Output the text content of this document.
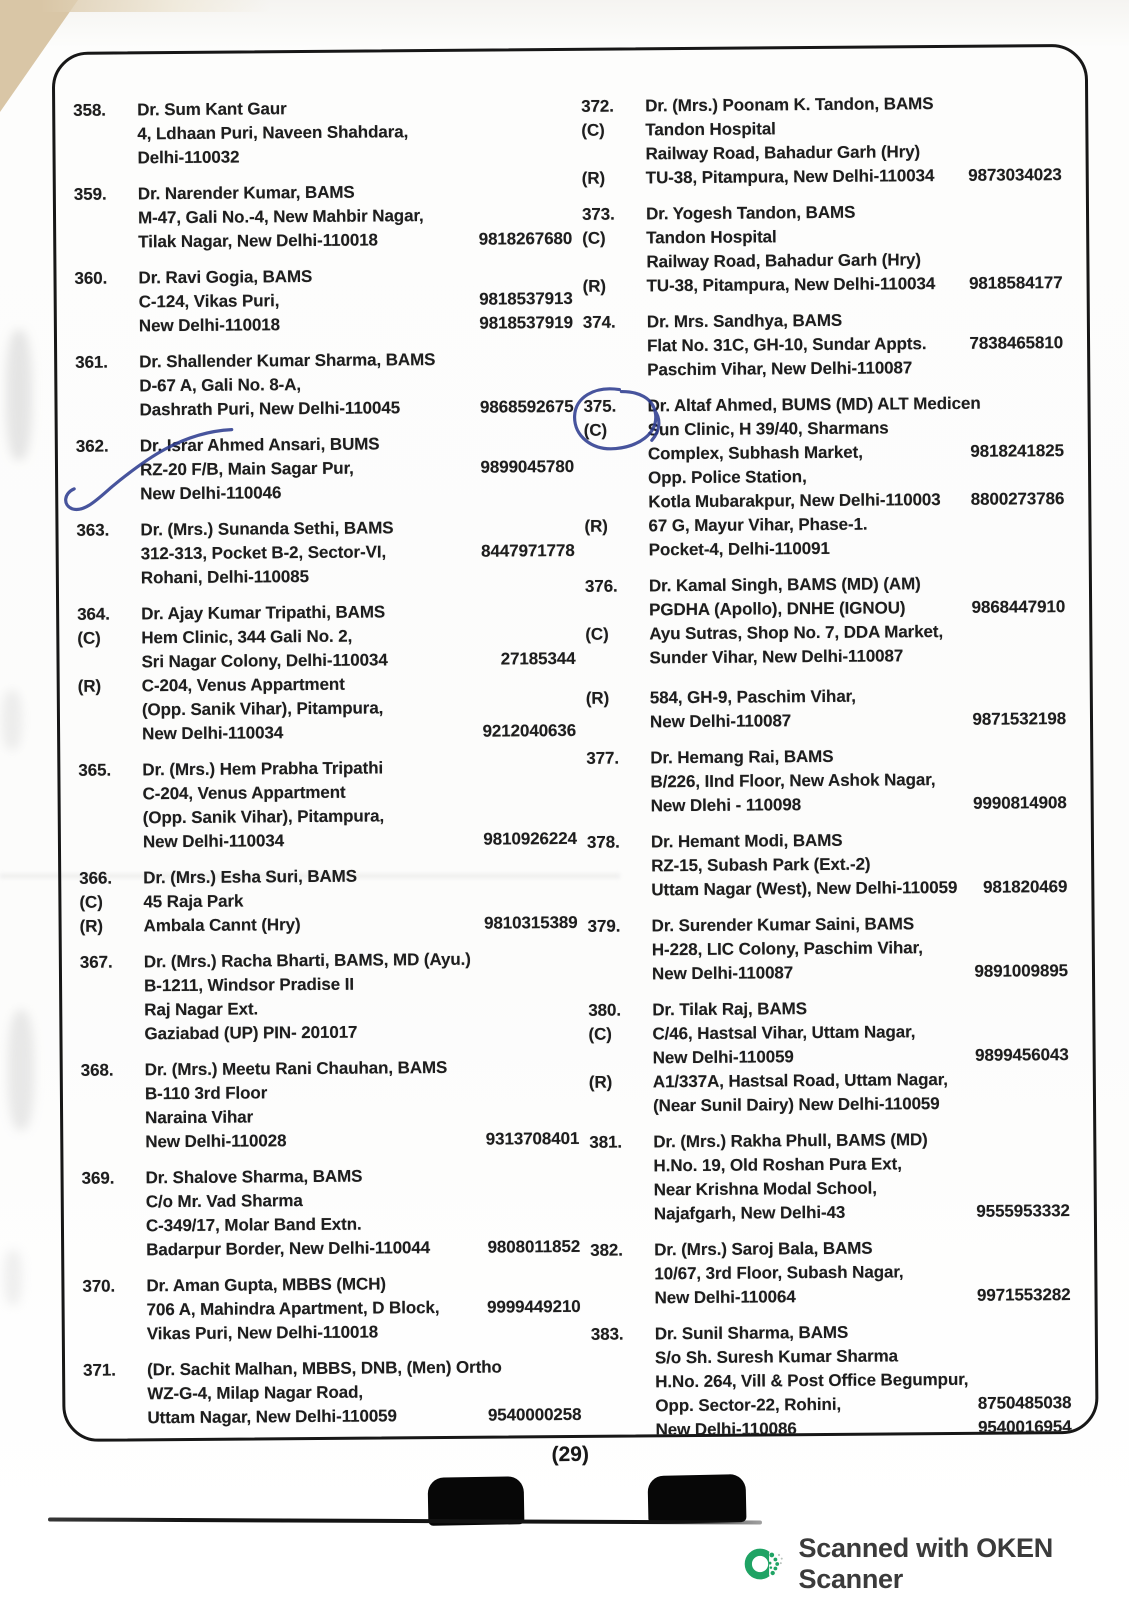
358.	Dr. Sum Kant Gaur
4, Ldhaan Puri, Naveen Shahdara,
Delhi-110032
359.	Dr. Narender Kumar, BAMS
M-47, Gali No.-4, New Mahbir Nagar,
Tilak Nagar, New Delhi-110018	9818267680
360.	Dr. Ravi Gogia, BAMS
C-124, Vikas Puri,	9818537913
New Delhi-110018	9818537919
361.	Dr. Shallender Kumar Sharma, BAMS
D-67 A, Gali No. 8-A,
Dashrath Puri, New Delhi-110045	9868592675
362.	Dr. Israr Ahmed Ansari, BUMS
RZ-20 F/B, Main Sagar Pur,	9899045780
New Delhi-110046
363.	Dr. (Mrs.) Sunanda Sethi, BAMS
312-313, Pocket B-2, Sector-VI,	8447971778
Rohani, Delhi-110085
364.	Dr. Ajay Kumar Tripathi, BAMS
(C)	Hem Clinic, 344 Gali No. 2,
Sri Nagar Colony, Delhi-110034	27185344
(R)	C-204, Venus Appartment
(Opp. Sanik Vihar), Pitampura,
New Delhi-110034	9212040636
365.	Dr. (Mrs.) Hem Prabha Tripathi
C-204, Venus Appartment
(Opp. Sanik Vihar), Pitampura,
New Delhi-110034	9810926224
366.	Dr. (Mrs.) Esha Suri, BAMS
(C)	45 Raja Park
(R)	Ambala Cannt (Hry)	9810315389
367.	Dr. (Mrs.) Racha Bharti, BAMS, MD (Ayu.)
B-1211, Windsor Pradise II
Raj Nagar Ext.
Gaziabad (UP) PIN- 201017
368.	Dr. (Mrs.) Meetu Rani Chauhan, BAMS
B-110 3rd Floor
Naraina Vihar
New Delhi-110028	9313708401
369.	Dr. Shalove Sharma, BAMS
C/o Mr. Vad Sharma
C-349/17, Molar Band Extn.
Badarpur Border, New Delhi-110044	9808011852
370.	Dr. Aman Gupta, MBBS (MCH)
706 A, Mahindra Apartment, D Block,	9999449210
Vikas Puri, New Delhi-110018
371.	(Dr. Sachit Malhan, MBBS, DNB, (Men) Ortho
WZ-G-4, Milap Nagar Road,
Uttam Nagar, New Delhi-110059	9540000258
372.	Dr. (Mrs.) Poonam K. Tandon, BAMS
(C)	Tandon Hospital
Railway Road, Bahadur Garh (Hry)
(R)	TU-38, Pitampura, New Delhi-110034	9873034023
373.	Dr. Yogesh Tandon, BAMS
(C)	Tandon Hospital
Railway Road, Bahadur Garh (Hry)
(R)	TU-38, Pitampura, New Delhi-110034	9818584177
374.	Dr. Mrs. Sandhya, BAMS
Flat No. 31C, GH-10, Sundar Appts.	7838465810
Paschim Vihar, New Delhi-110087
375.	Dr. Altaf Ahmed, BUMS (MD) ALT Medicen
(C)	Sun Clinic, H 39/40, Sharmans
Complex, Subhash Market,	9818241825
Opp. Police Station,
Kotla Mubarakpur, New Delhi-110003	8800273786
(R)	67 G, Mayur Vihar, Phase-1.
Pocket-4, Delhi-110091
376.	Dr. Kamal Singh, BAMS (MD) (AM)
PGDHA (Apollo), DNHE (IGNOU)	9868447910
(C)	Ayu Sutras, Shop No. 7, DDA Market,
Sunder Vihar, New Delhi-110087
(R)	584, GH-9, Paschim Vihar,
New Delhi-110087	9871532198
377.	Dr. Hemang Rai, BAMS
B/226, IInd Floor, New Ashok Nagar,
New Dlehi - 110098	9990814908
378.	Dr. Hemant Modi, BAMS
RZ-15, Subash Park (Ext.-2)
Uttam Nagar (West), New Delhi-110059	981820469
379.	Dr. Surender Kumar Saini, BAMS
H-228, LIC Colony, Paschim Vihar,
New Delhi-110087	9891009895
380.	Dr. Tilak Raj, BAMS
(C)	C/46, Hastsal Vihar, Uttam Nagar,
New Delhi-110059	9899456043
(R)	A1/337A, Hastsal Road, Uttam Nagar,
(Near Sunil Dairy) New Delhi-110059
381.	Dr. (Mrs.) Rakha Phull, BAMS (MD)
H.No. 19, Old Roshan Pura Ext,
Near Krishna Modal School,
Najafgarh, New Delhi-43	9555953332
382.	Dr. (Mrs.) Saroj Bala, BAMS
10/67, 3rd Floor, Subash Nagar,
New Delhi-110064	9971553282
383.	Dr. Sunil Sharma, BAMS
S/o Sh. Suresh Kumar Sharma
H.No. 264, Vill & Post Office Begumpur,
Opp. Sector-22, Rohini,	8750485038
New Delhi-110086	9540016954
(29)
Scanned with OKEN Scanner
